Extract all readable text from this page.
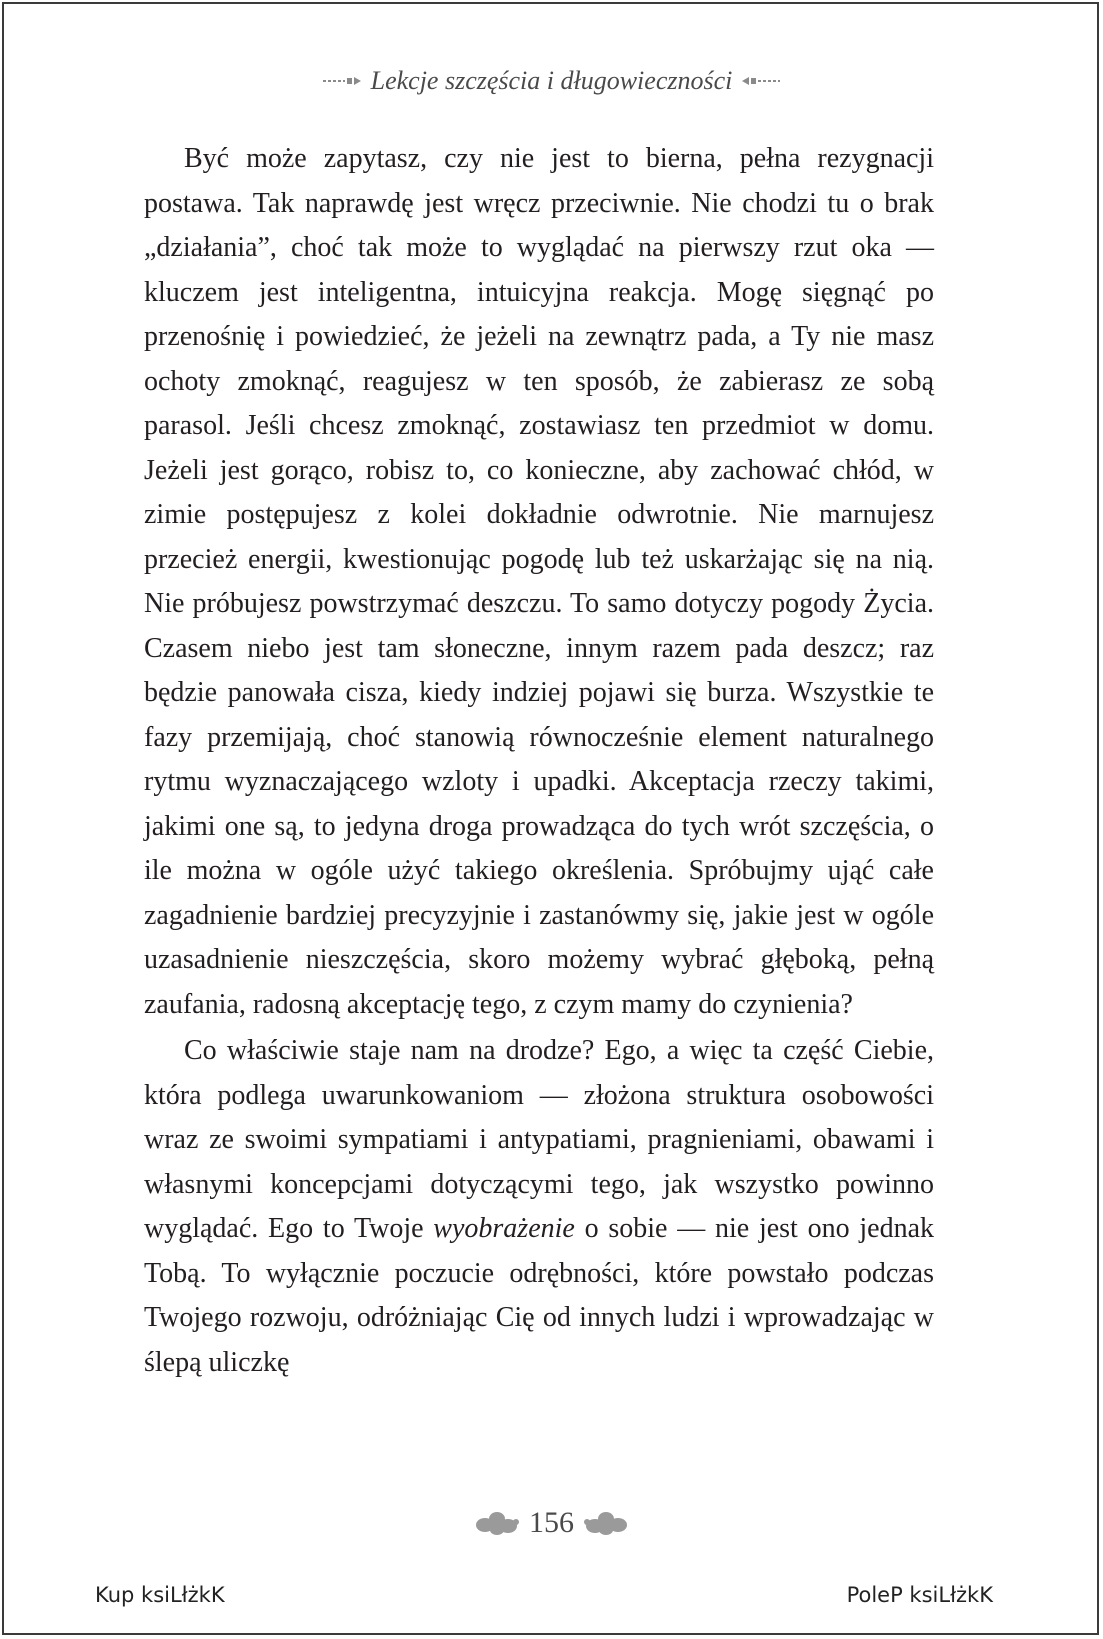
Lekcje szczęścia i długowieczności

Być może zapytasz, czy nie jest to bierna, pełna rezygnacji postawa. Tak naprawdę jest wręcz przeciwnie. Nie chodzi tu o brak „działania”, choć tak może to wyglądać na pierwszy rzut oka — kluczem jest inteligentna, intuicyjna reakcja. Mogę sięgnąć po przenośnię i powiedzieć, że jeżeli na zewnątrz pada, a Ty nie masz ochoty zmoknąć, reagujesz w ten sposób, że zabierasz ze sobą parasol. Jeśli chcesz zmoknąć, zostawiasz ten przedmiot w domu. Jeżeli jest gorąco, robisz to, co konieczne, aby zachować chłód, w zimie postępujesz z kolei dokładnie odwrotnie. Nie marnujesz przecież energii, kwestionując pogodę lub też uskarżając się na nią. Nie próbujesz powstrzymać deszczu. To samo dotyczy pogody Życia. Czasem niebo jest tam słoneczne, innym razem pada deszcz; raz będzie panowała cisza, kiedy indziej pojawi się burza. Wszystkie te fazy przemijają, choć stanowią równocześnie element naturalnego rytmu wyznaczającego wzloty i upadki. Akceptacja rzeczy takimi, jakimi one są, to jedyna droga prowadząca do tych wrót szczęścia, o ile można w ogóle użyć takiego określenia. Spróbujmy ująć całe zagadnienie bardziej precyzyjnie i zastanówmy się, jakie jest w ogóle uzasadnienie nieszczęścia, skoro możemy wybrać głęboką, pełną zaufania, radosną akceptację tego, z czym mamy do czynienia?

Co właściwie staje nam na drodze? Ego, a więc ta część Ciebie, która podlega uwarunkowaniom — złożona struktura osobowości wraz ze swoimi sympatiami i antypatiami, pragnieniami, obawami i własnymi koncepcjami dotyczącymi tego, jak wszystko powinno wyglądać. Ego to Twoje wyobrażenie o sobie — nie jest ono jednak Tobą. To wyłącznie poczucie odrębności, które powstało podczas Twojego rozwoju, odróżniając Cię od innych ludzi i wprowadzając w ślepą uliczkę

156
Kup ksiLłżkK	PoleP ksiLłżkK
